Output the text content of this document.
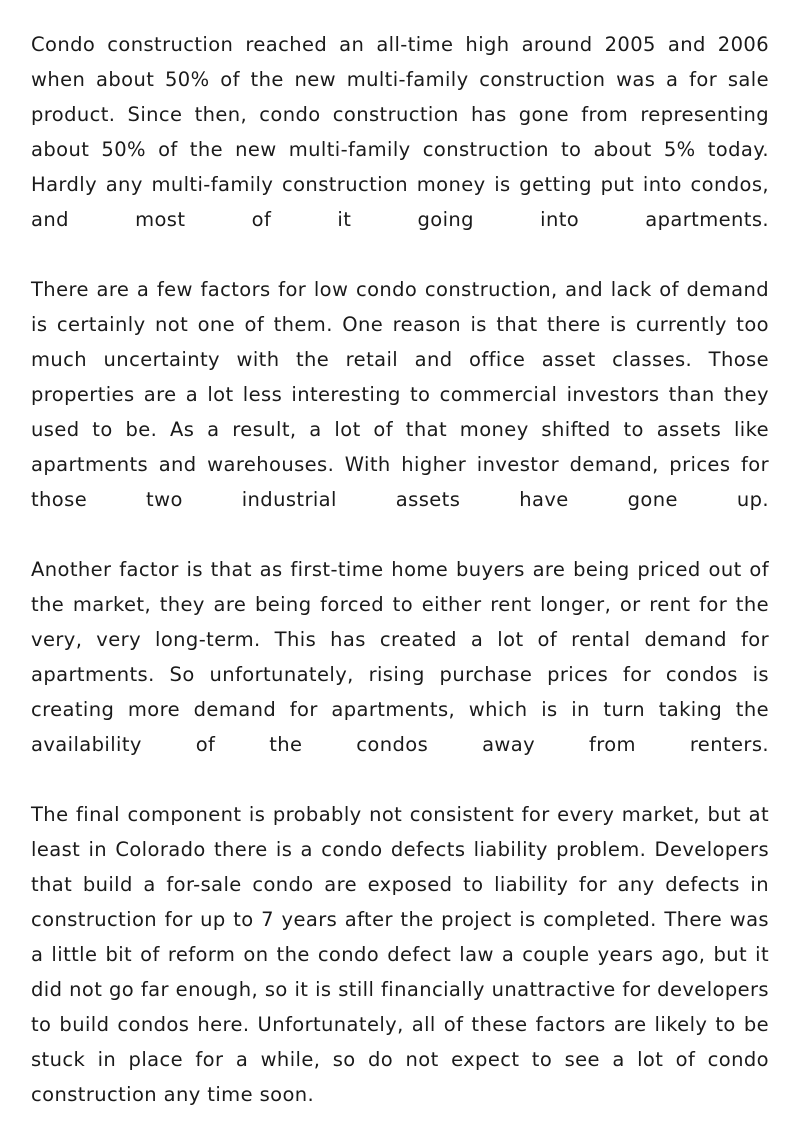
Condo construction reached an all-time high around 2005 and 2006 when about 50% of the new multi-family construction was a for sale product. Since then, condo construction has gone from representing about 50% of the new multi-family construction to about 5% today. Hardly any multi-family construction money is getting put into condos, and most of it going into apartments.

There are a few factors for low condo construction, and lack of demand is certainly not one of them. One reason is that there is currently too much uncertainty with the retail and office asset classes. Those properties are a lot less interesting to commercial investors than they used to be. As a result, a lot of that money shifted to assets like apartments and warehouses. With higher investor demand, prices for those two industrial assets have gone up.

Another factor is that as first-time home buyers are being priced out of the market, they are being forced to either rent longer, or rent for the very, very long-term. This has created a lot of rental demand for apartments. So unfortunately, rising purchase prices for condos is creating more demand for apartments, which is in turn taking the availability of the condos away from renters.

The final component is probably not consistent for every market, but at least in Colorado there is a condo defects liability problem. Developers that build a for-sale condo are exposed to liability for any defects in construction for up to 7 years after the project is completed. There was a little bit of reform on the condo defect law a couple years ago, but it did not go far enough, so it is still financially unattractive for developers to build condos here. Unfortunately, all of these factors are likely to be stuck in place for a while, so do not expect to see a lot of condo construction any time soon.
